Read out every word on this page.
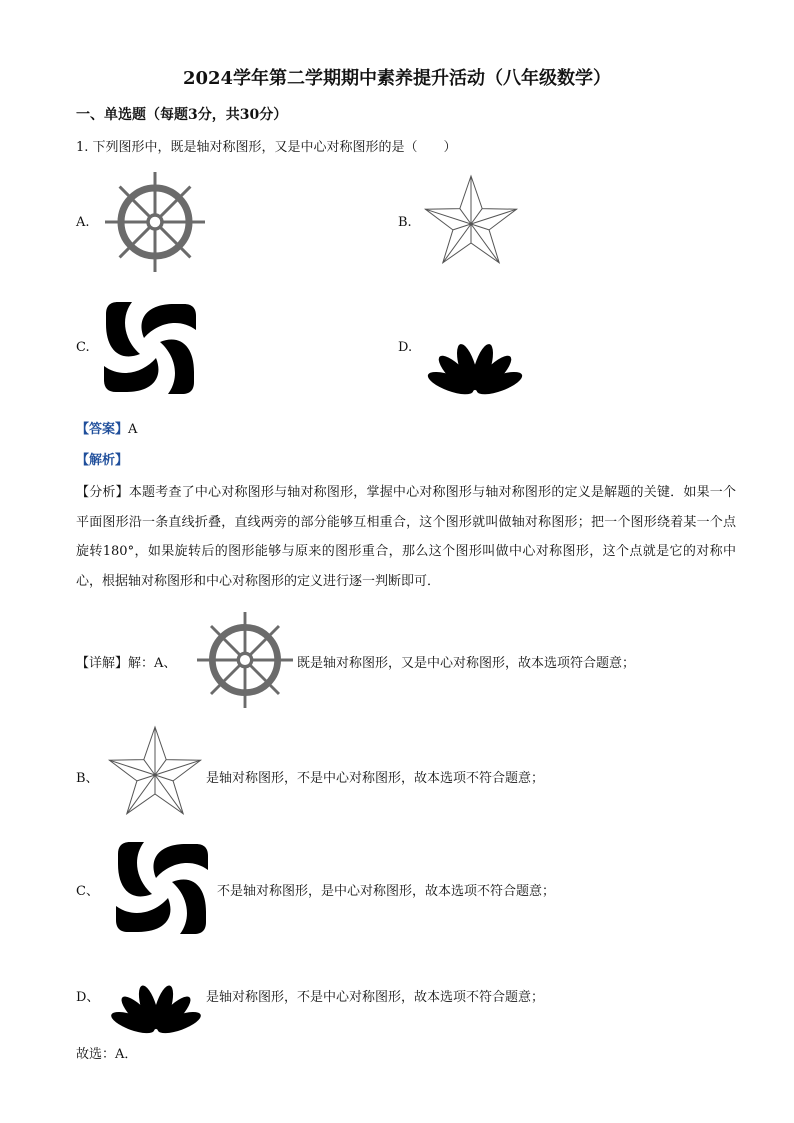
2024学年第二学期期中素养提升活动（八年级数学）
一、单选题（每题3分，共30分）
1. 下列图形中，既是轴对称图形，又是中心对称图形的是（　　）
A.	B.
C.	D.
【答案】A
【解析】
【分析】本题考查了中心对称图形与轴对称图形，掌握中心对称图形与轴对称图形的定义是解题的关键．如果一个平面图形沿一条直线折叠，直线两旁的部分能够互相重合，这个图形就叫做轴对称图形；把一个图形绕着某一个点旋转180°，如果旋转后的图形能够与原来的图形重合，那么这个图形叫做中心对称图形，这个点就是它的对称中心，根据轴对称图形和中心对称图形的定义进行逐一判断即可．
【详解】解：A、	既是轴对称图形，又是中心对称图形，故本选项符合题意；
B、	是轴对称图形，不是中心对称图形，故本选项不符合题意；
C、	不是轴对称图形，是中心对称图形，故本选项不符合题意；
D、	是轴对称图形，不是中心对称图形，故本选项不符合题意；
故选：A．
